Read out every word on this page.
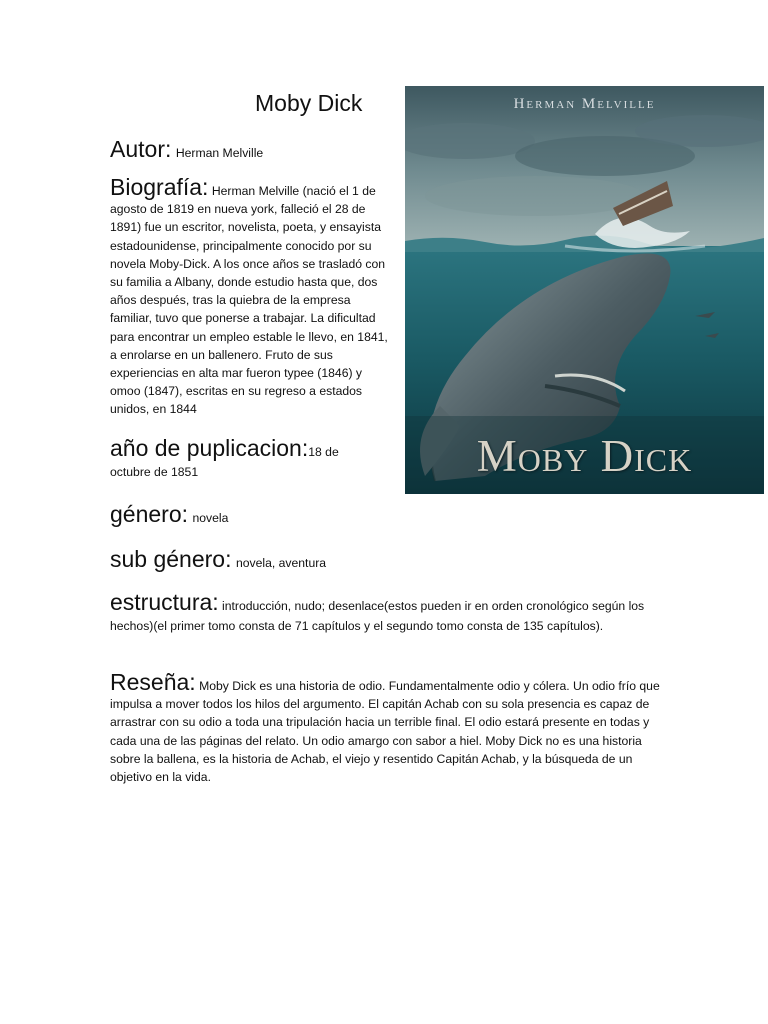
Moby Dick

Autor: Herman Melville

Biografía: Herman Melville (nació el 1 de agosto de 1819 en nueva york, falleció el 28 de 1891) fue un escritor, novelista, poeta, y ensayista estadounidense, principalmente conocido por su novela Moby-Dick. A los once años se trasladó con su familia a Albany, donde estudio hasta que, dos años después, tras la quiebra de la empresa familiar, tuvo que ponerse a trabajar. La dificultad para encontrar un empleo estable le llevo, en 1841, a enrolarse en un ballenero. Fruto de sus experiencias en alta mar fueron typee (1846) y omoo (1847), escritas en su regreso a estados unidos, en 1844

año de puplicacion:18 de octubre de 1851

género: novela

sub género: novela, aventura

estructura: introducción, nudo; desenlace(estos pueden ir en orden cronológico según los hechos)(el primer tomo consta de 71 capítulos y el segundo tomo consta de 135 capítulos).

Reseña: Moby Dick es una historia de odio. Fundamentalmente odio y cólera. Un odio frío que impulsa a mover todos los hilos del argumento. El capitán Achab con su sola presencia es capaz de arrastrar con su odio a toda una tripulación hacia un terrible final. El odio estará presente en todas y cada una de las páginas del relato. Un odio amargo con sabor a hiel. Moby Dick no es una historia sobre la ballena, es la historia de Achab, el viejo y resentido Capitán Achab, y la búsqueda de un objetivo en la vida.

Herman Melville
Moby Dick
